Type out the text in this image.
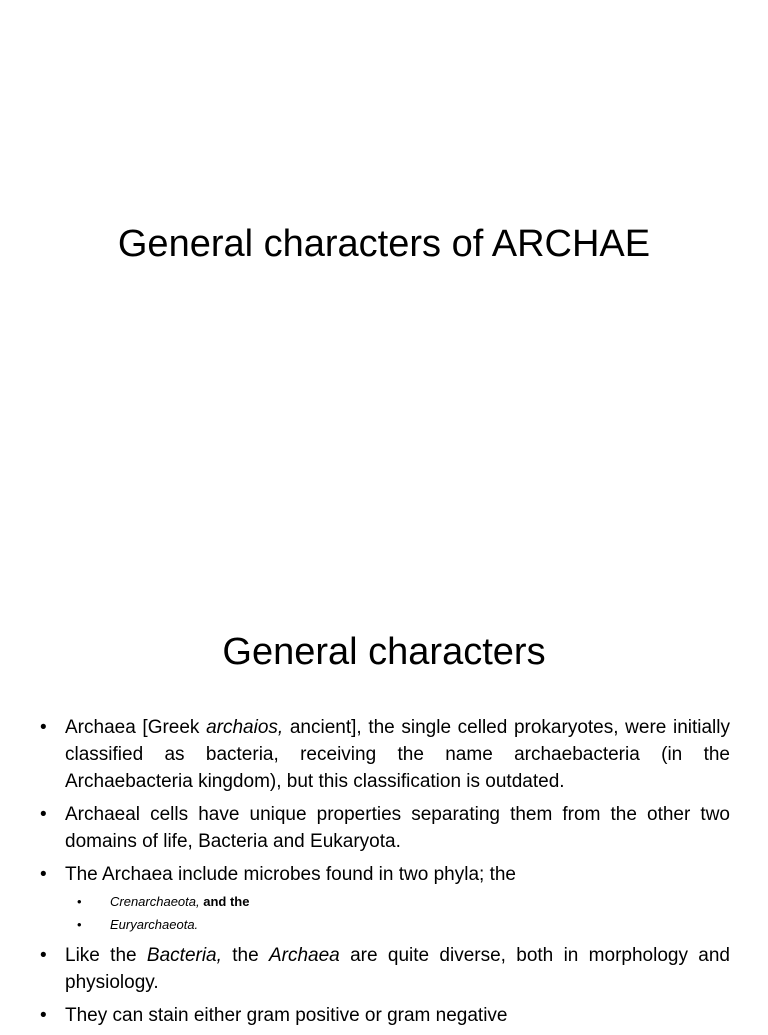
General characters of ARCHAE
General characters
• Archaea [Greek archaios, ancient], the single celled prokaryotes, were initially classified as bacteria, receiving the name archaebacteria (in the Archaebacteria kingdom), but this classification is outdated.
• Archaeal cells have unique properties separating them from the other two domains of life, Bacteria and Eukaryota.
• The Archaea include microbes found in two phyla; the
• Crenarchaeota, and the
• Euryarchaeota.
• Like the Bacteria, the Archaea are quite diverse, both in morphology and physiology.
• They can stain either gram positive or gram negative
